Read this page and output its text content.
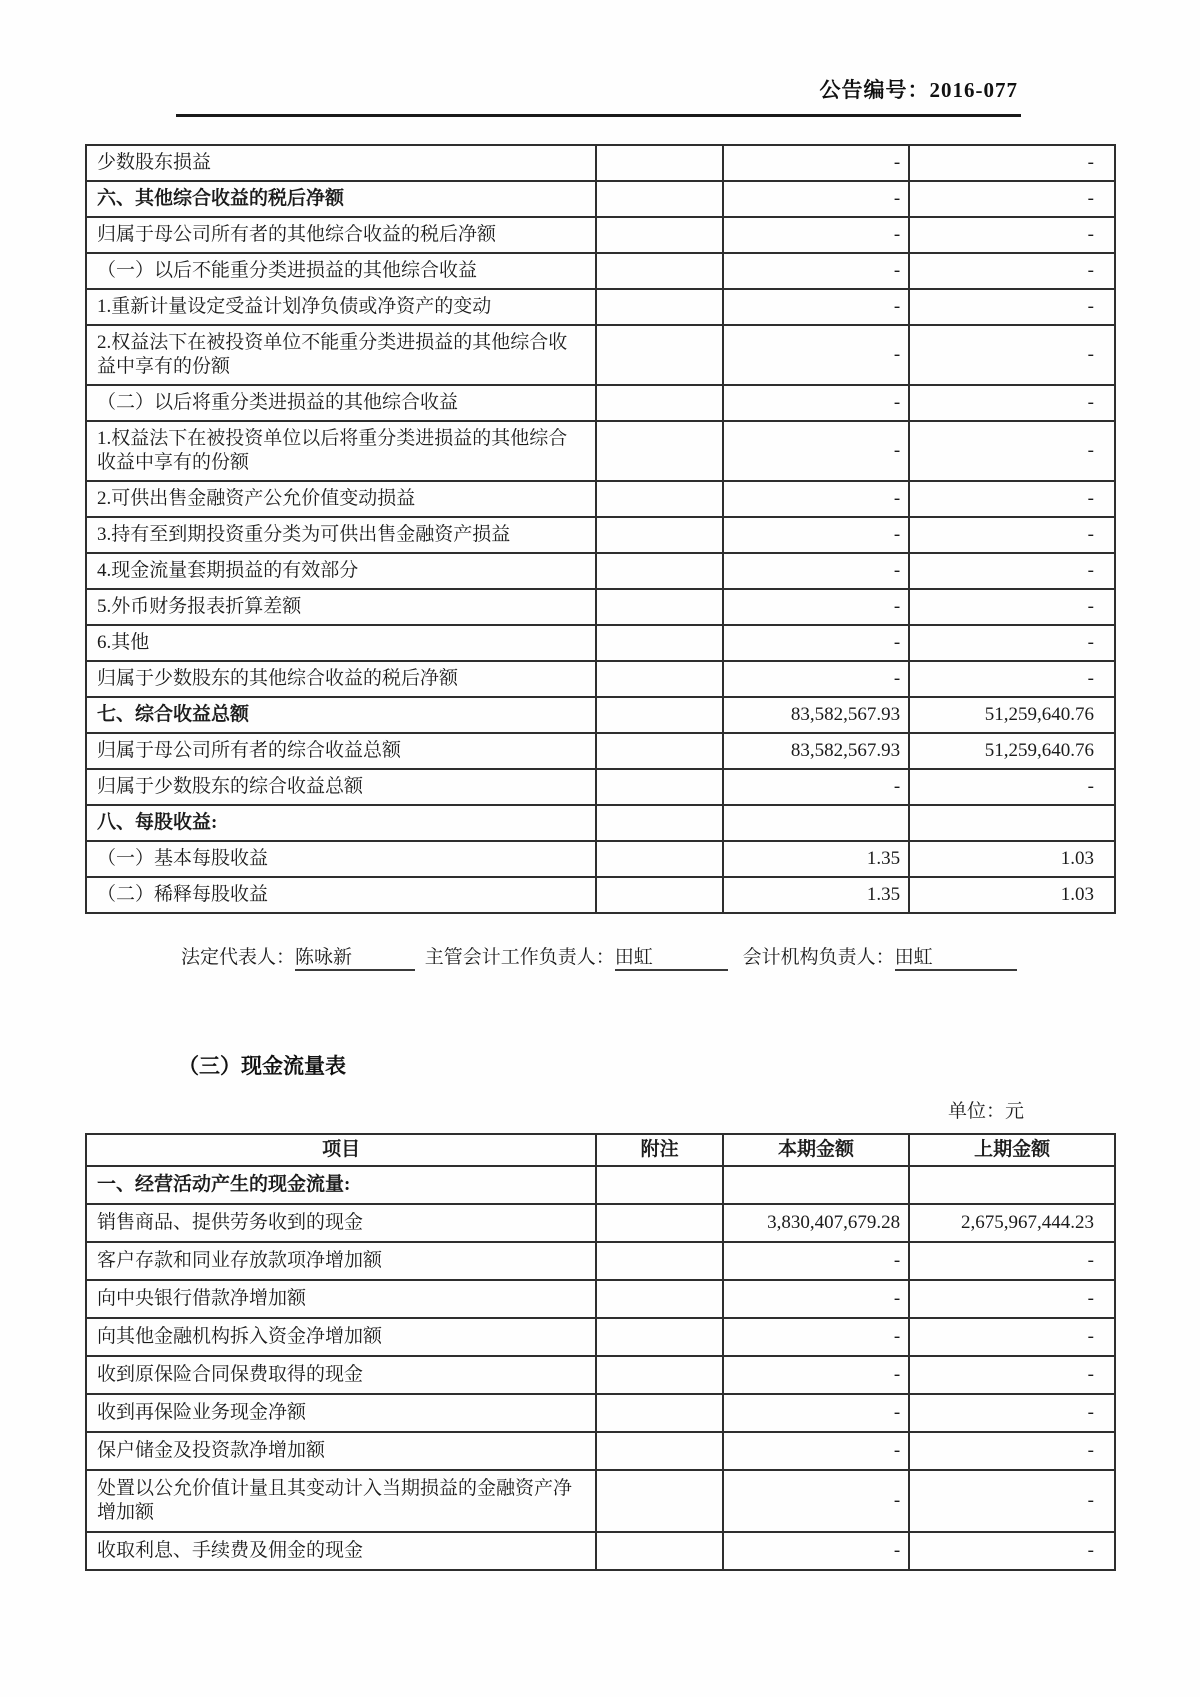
公告编号：2016-077
少数股东损益		-	-
六、其他综合收益的税后净额		-	-
归属于母公司所有者的其他综合收益的税后净额		-	-
（一）以后不能重分类进损益的其他综合收益		-	-
1.重新计量设定受益计划净负债或净资产的变动		-	-
2.权益法下在被投资单位不能重分类进损益的其他综合收益中享有的份额		-	-
（二）以后将重分类进损益的其他综合收益		-	-
1.权益法下在被投资单位以后将重分类进损益的其他综合收益中享有的份额		-	-
2.可供出售金融资产公允价值变动损益		-	-
3.持有至到期投资重分类为可供出售金融资产损益		-	-
4.现金流量套期损益的有效部分		-	-
5.外币财务报表折算差额		-	-
6.其他		-	-
归属于少数股东的其他综合收益的税后净额		-	-
七、综合收益总额		83,582,567.93	51,259,640.76
归属于母公司所有者的综合收益总额		83,582,567.93	51,259,640.76
归属于少数股东的综合收益总额		-	-
八、每股收益:			
（一）基本每股收益		1.35	1.03
（二）稀释每股收益		1.35	1.03
法定代表人：陈咏新	主管会计工作负责人：田虹	会计机构负责人：田虹
（三）现金流量表
单位：元
项目	附注	本期金额	上期金额
一、经营活动产生的现金流量:			
销售商品、提供劳务收到的现金		3,830,407,679.28	2,675,967,444.23
客户存款和同业存放款项净增加额		-	-
向中央银行借款净增加额		-	-
向其他金融机构拆入资金净增加额		-	-
收到原保险合同保费取得的现金		-	-
收到再保险业务现金净额		-	-
保户储金及投资款净增加额		-	-
处置以公允价值计量且其变动计入当期损益的金融资产净增加额		-	-
收取利息、手续费及佣金的现金		-	-
